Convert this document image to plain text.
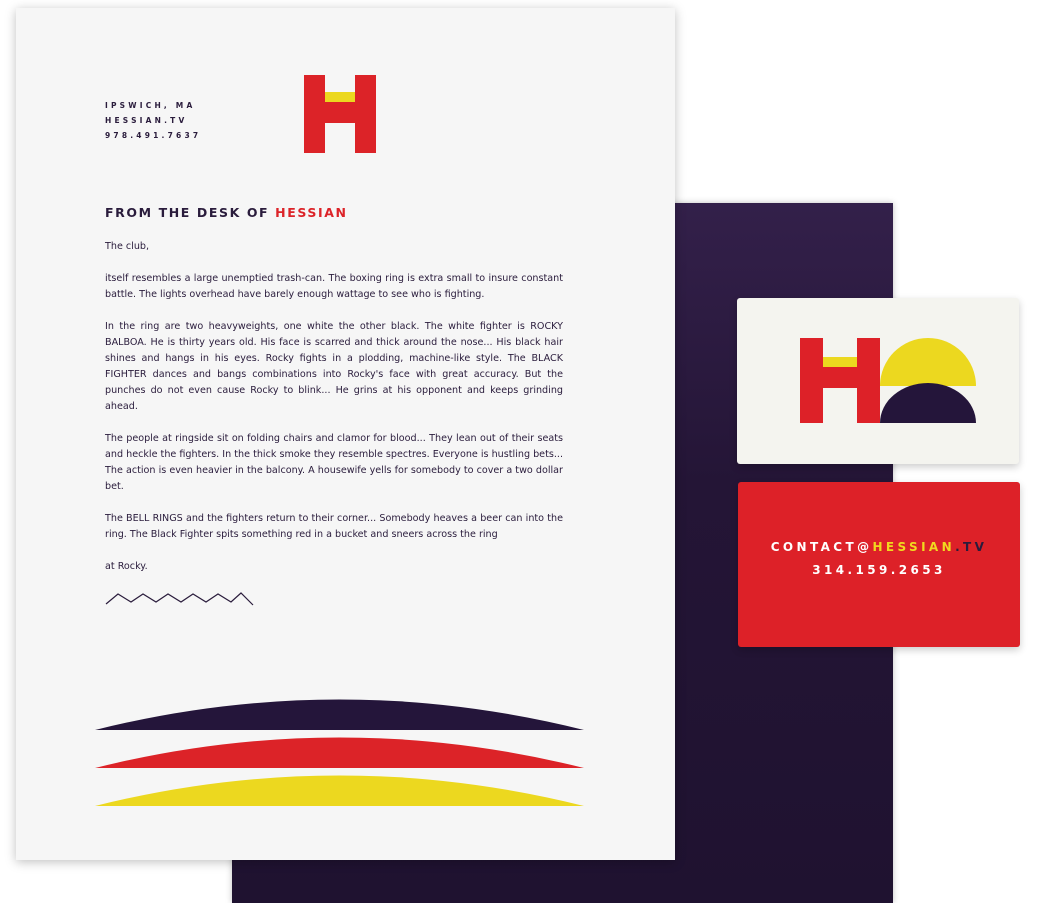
IPSWICH, MA
HESSIAN.TV
978.491.7637
FROM THE DESK OF HESSIAN

The club,

itself resembles a large unemptied trash-can. The boxing ring is extra small to insure constant battle. The lights overhead have barely enough wattage to see who is fighting.

In the ring are two heavyweights, one white the other black. The white fighter is ROCKY BALBOA. He is thirty years old. His face is scarred and thick around the nose... His black hair shines and hangs in his eyes. Rocky fights in a plodding, machine-like style. The BLACK FIGHTER dances and bangs combinations into Rocky's face with great accuracy. But the punches do not even cause Rocky to blink... He grins at his opponent and keeps grinding ahead.

The people at ringside sit on folding chairs and clamor for blood... They lean out of their seats and heckle the fighters. In the thick smoke they resemble spectres. Everyone is hustling bets... The action is even heavier in the balcony. A housewife yells for somebody to cover a two dollar bet.

The BELL RINGS and the fighters return to their corner... Somebody heaves a beer can into the ring. The Black Fighter spits something red in a bucket and sneers across the ring

at Rocky.

CONTACT@HESSIAN.TV
314.159.2653
